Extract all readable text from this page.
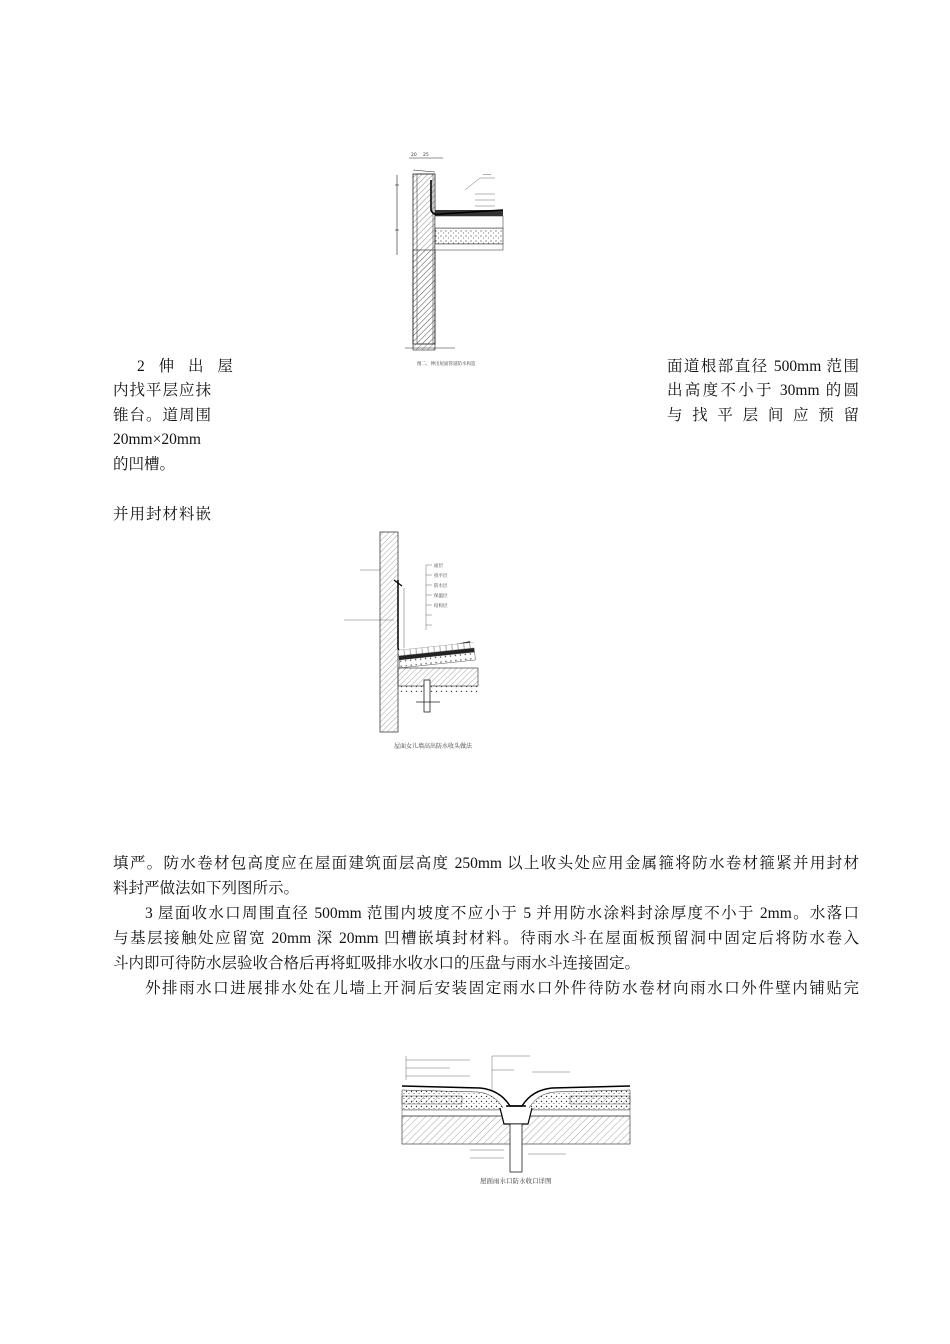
20 25
───
图二、伸出屋面管道防水构造
2 伸 出 屋
内找平层应抹
锥台。道周围
20mm×20mm
的凹槽。
并用封材料嵌
面道根部直径 500mm 范围
出高度不小于 30mm 的圆
与 找 平 层 间 应 预 留
面层
找平层
防水层
保温层
结构层
屋面女儿墙高出防水收头做法
填严。防水卷材包高度应在屋面建筑面层高度 250mm 以上收头处应用金属箍将防水卷材箍紧并用封材
料封严做法如下列图所示。
3 屋面收水口周围直径 500mm 范围内坡度不应小于 5 并用防水涂料封涂厚度不小于 2mm。水落口
与基层接触处应留宽 20mm 深 20mm 凹槽嵌填封材料。待雨水斗在屋面板预留洞中固定后将防水卷入
斗内即可待防水层验收合格后再将虹吸排水收水口的压盘与雨水斗连接固定。
外排雨水口进展排水处在儿墙上开洞后安装固定雨水口外件待防水卷材向雨水口外件壁内铺贴完
屋面雨水口防水收口详图
